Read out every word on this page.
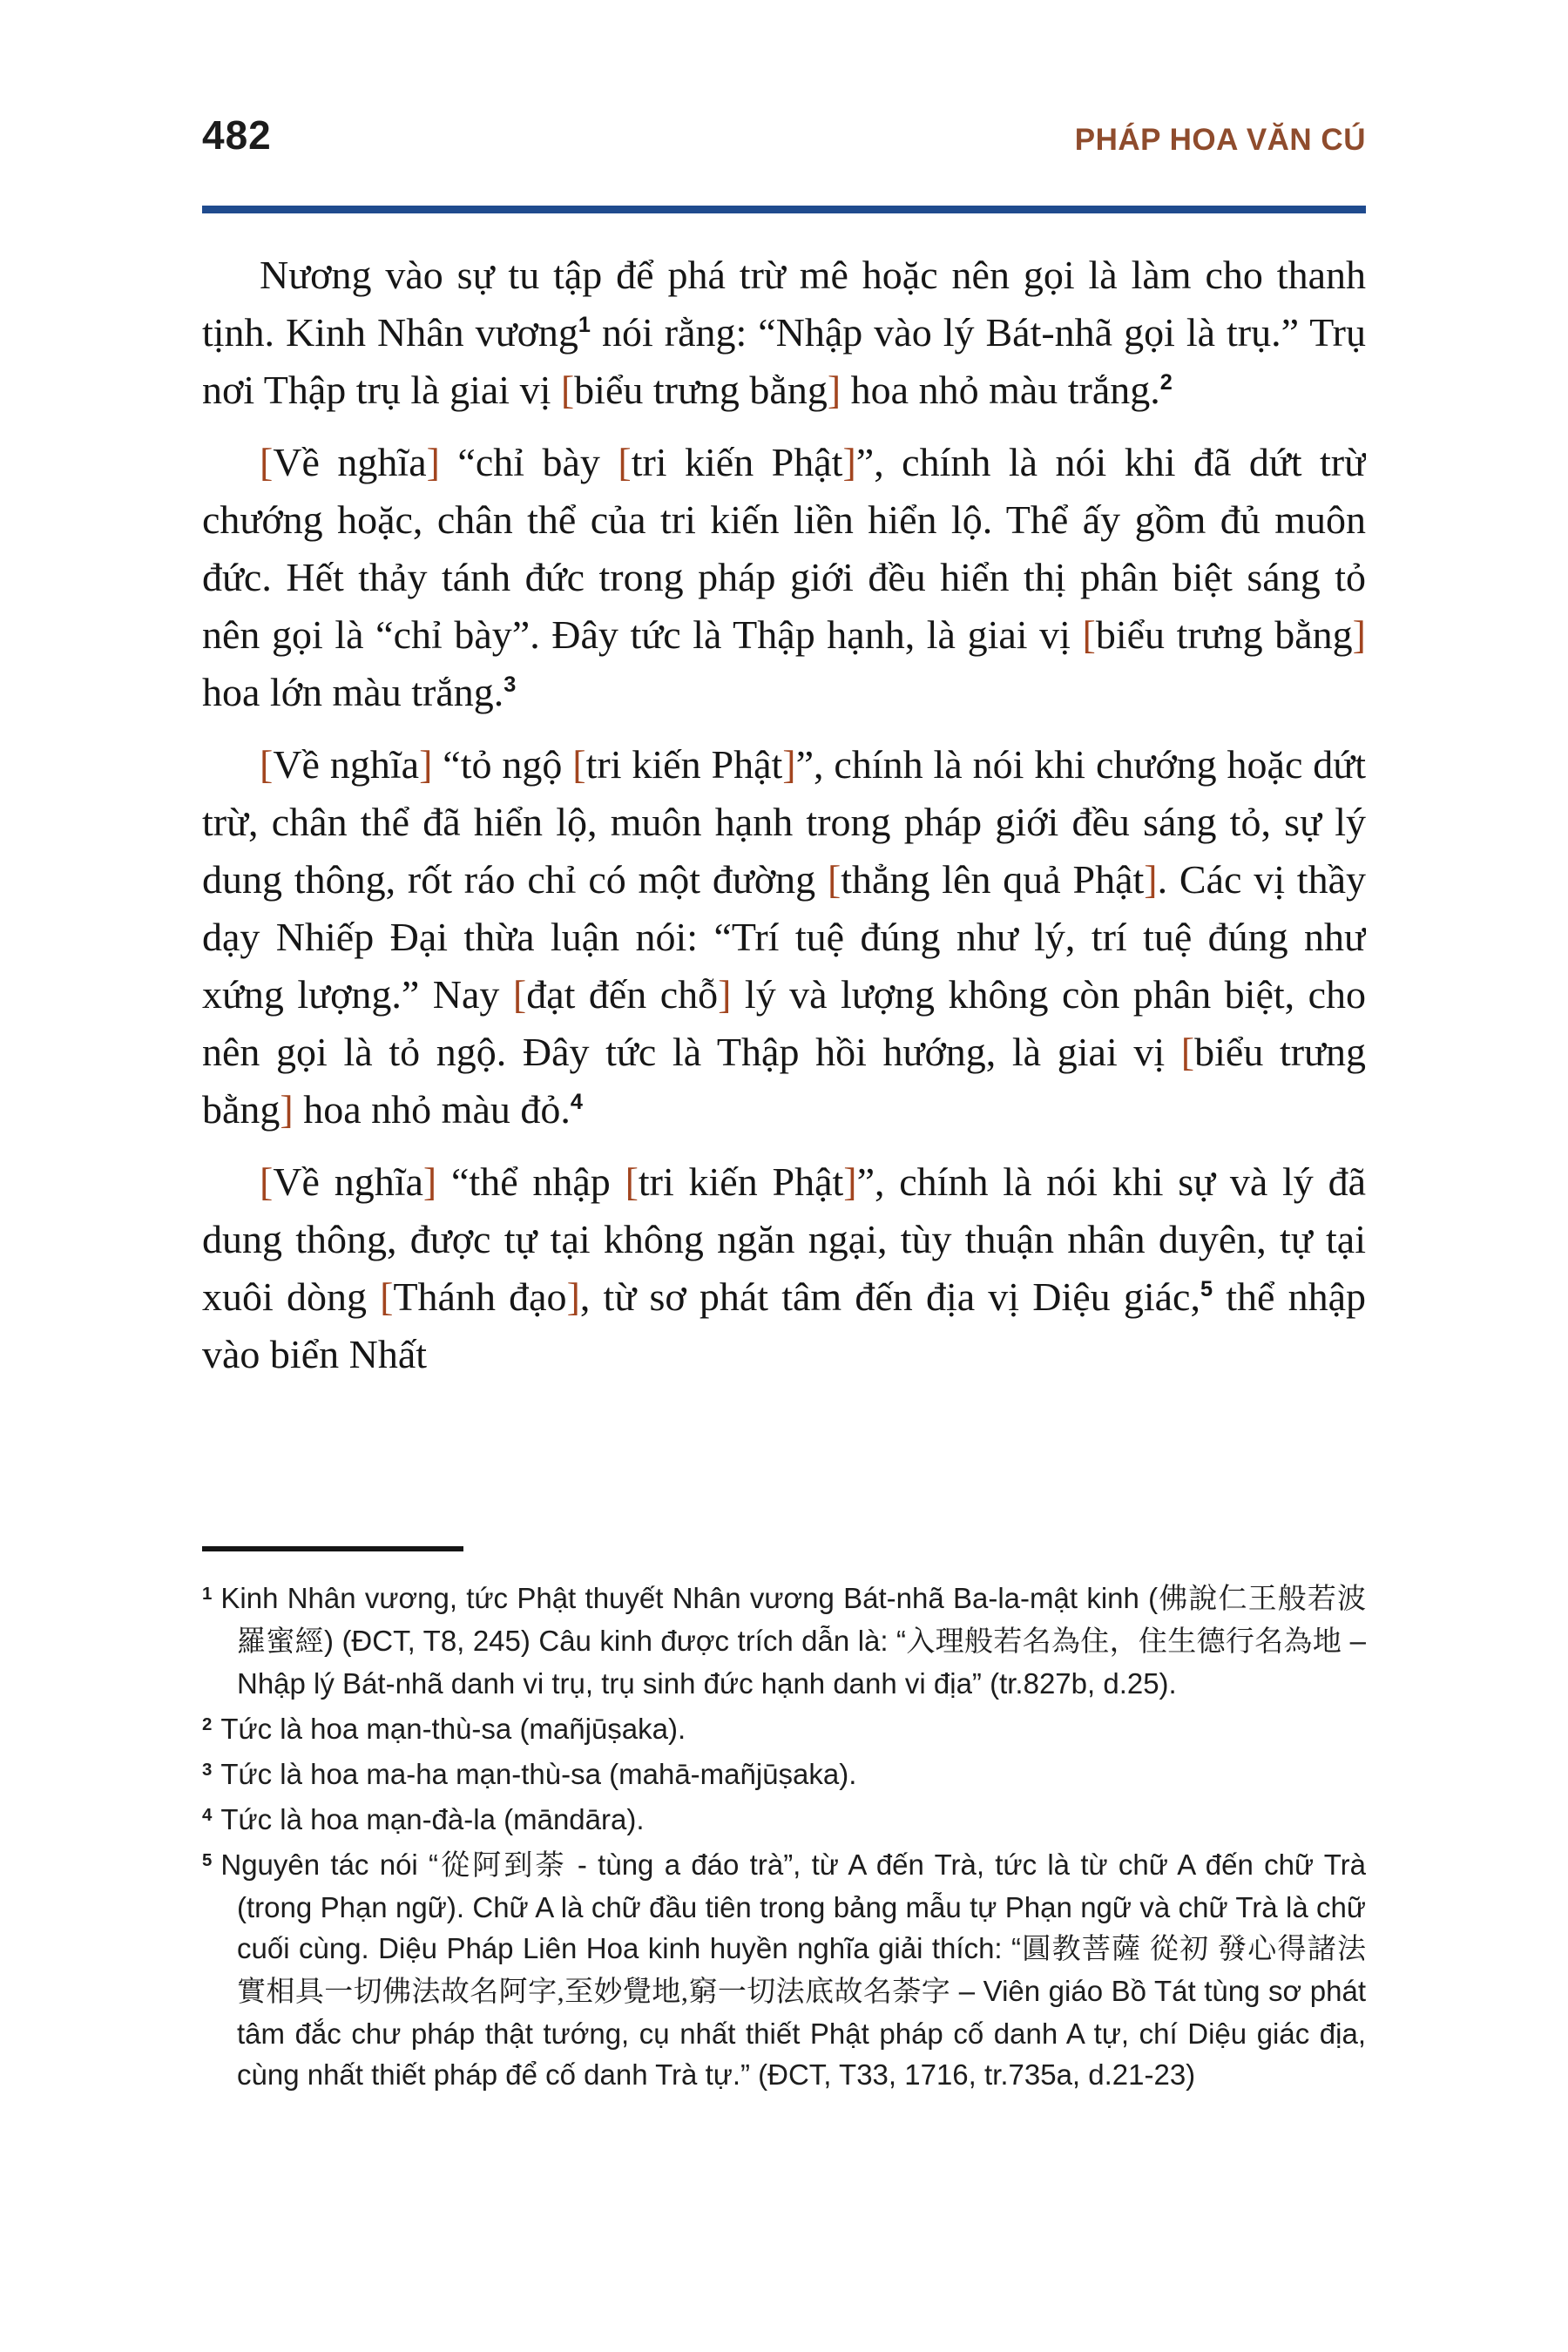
482	PHÁP HOA VĂN CÚ

Nương vào sự tu tập để phá trừ mê hoặc nên gọi là làm cho thanh tịnh. Kinh Nhân vương$^1$ nói rằng: “Nhập vào lý Bát-nhã gọi là trụ.” Trụ nơi Thập trụ là giai vị [biểu trưng bằng] hoa nhỏ màu trắng.$^2$

[Về nghĩa] “chỉ bày [tri kiến Phật]”, chính là nói khi đã dứt trừ chướng hoặc, chân thể của tri kiến liền hiển lộ. Thể ấy gồm đủ muôn đức. Hết thảy tánh đức trong pháp giới đều hiển thị phân biệt sáng tỏ nên gọi là “chỉ bày”. Đây tức là Thập hạnh, là giai vị [biểu trưng bằng] hoa lớn màu trắng.$^3$

[Về nghĩa] “tỏ ngộ [tri kiến Phật]”, chính là nói khi chướng hoặc dứt trừ, chân thể đã hiển lộ, muôn hạnh trong pháp giới đều sáng tỏ, sự lý dung thông, rốt ráo chỉ có một đường [thẳng lên quả Phật]. Các vị thầy dạy Nhiếp Đại thừa luận nói: “Trí tuệ đúng như lý, trí tuệ đúng như xứng lượng.” Nay [đạt đến chỗ] lý và lượng không còn phân biệt, cho nên gọi là tỏ ngộ. Đây tức là Thập hồi hướng, là giai vị [biểu trưng bằng] hoa nhỏ màu đỏ.$^4$

[Về nghĩa] “thể nhập [tri kiến Phật]”, chính là nói khi sự và lý đã dung thông, được tự tại không ngăn ngại, tùy thuận nhân duyên, tự tại xuôi dòng [Thánh đạo], từ sơ phát tâm đến địa vị Diệu giác,$^5$ thể nhập vào biển Nhất

$^1$ Kinh Nhân vương, tức Phật thuyết Nhân vương Bát-nhã Ba-la-mật kinh (佛說仁王般若波羅蜜經) (ĐCT, T8, 245) Câu kinh được trích dẫn là: “入理般若名為住，住生德行名為地 – Nhập lý Bát-nhã danh vi trụ, trụ sinh đức hạnh danh vi địa” (tr.827b, d.25).
$^2$ Tức là hoa mạn-thù-sa (mañjūṣaka).
$^3$ Tức là hoa ma-ha mạn-thù-sa (mahā-mañjūṣaka).
$^4$ Tức là hoa mạn-đà-la (māndāra).
$^5$ Nguyên tác nói “從阿到荼 - tùng a đáo trà”, từ A đến Trà, tức là từ chữ A đến chữ Trà (trong Phạn ngữ). Chữ A là chữ đầu tiên trong bảng mẫu tự Phạn ngữ và chữ Trà là chữ cuối cùng. Diệu Pháp Liên Hoa kinh huyền nghĩa giải thích: “圓教菩薩 從初 發心得諸法實相具一切佛法故名阿字,至妙覺地,窮一切法底故名荼字 – Viên giáo Bồ Tát tùng sơ phát tâm đắc chư pháp thật tướng, cụ nhất thiết Phật pháp cố danh A tự, chí Diệu giác địa, cùng nhất thiết pháp để cố danh Trà tự.” (ĐCT, T33, 1716, tr.735a, d.21-23)
